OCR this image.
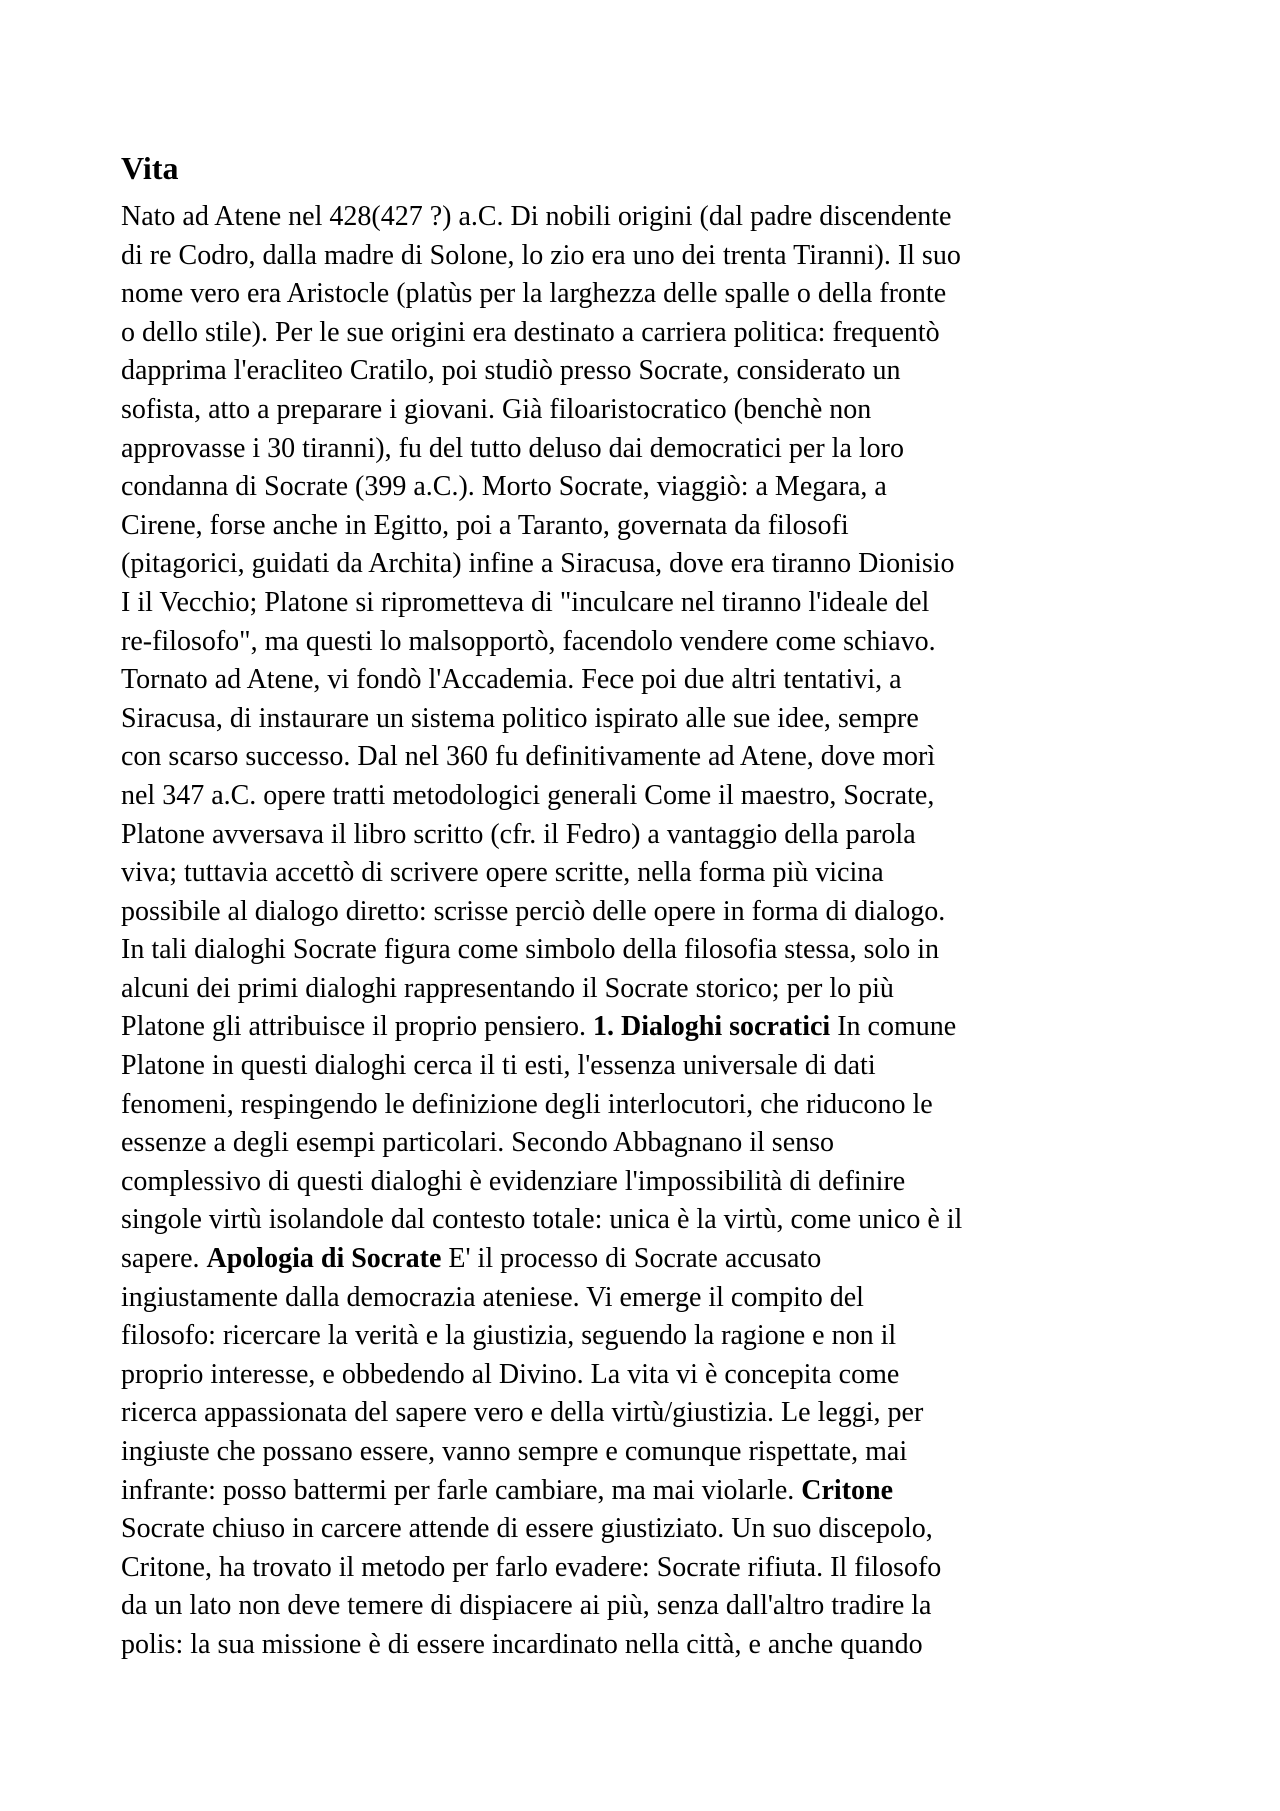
Vita
Nato ad Atene nel 428(427 ?) a.C. Di nobili origini (dal padre discendente
di re Codro, dalla madre di Solone, lo zio era uno dei trenta Tiranni). Il suo
nome vero era Aristocle (platùs per la larghezza delle spalle o della fronte
o dello stile). Per le sue origini era destinato a carriera politica: frequentò
dapprima l'eracliteo Cratilo, poi studiò presso Socrate, considerato un
sofista, atto a preparare i giovani. Già filoaristocratico (benchè non
approvasse i 30 tiranni), fu del tutto deluso dai democratici per la loro
condanna di Socrate (399 a.C.). Morto Socrate, viaggiò: a Megara, a
Cirene, forse anche in Egitto, poi a Taranto, governata da filosofi
(pitagorici, guidati da Archita) infine a Siracusa, dove era tiranno Dionisio
I il Vecchio; Platone si riprometteva di "inculcare nel tiranno l'ideale del
re-filosofo", ma questi lo malsopportò, facendolo vendere come schiavo.
Tornato ad Atene, vi fondò l'Accademia. Fece poi due altri tentativi, a
Siracusa, di instaurare un sistema politico ispirato alle sue idee, sempre
con scarso successo. Dal nel 360 fu definitivamente ad Atene, dove morì
nel 347 a.C. opere tratti metodologici generali Come il maestro, Socrate,
Platone avversava il libro scritto (cfr. il Fedro) a vantaggio della parola
viva; tuttavia accettò di scrivere opere scritte, nella forma più vicina
possibile al dialogo diretto: scrisse perciò delle opere in forma di dialogo.
In tali dialoghi Socrate figura come simbolo della filosofia stessa, solo in
alcuni dei primi dialoghi rappresentando il Socrate storico; per lo più
Platone gli attribuisce il proprio pensiero. 1. Dialoghi socratici In comune
Platone in questi dialoghi cerca il ti esti, l'essenza universale di dati
fenomeni, respingendo le definizione degli interlocutori, che riducono le
essenze a degli esempi particolari. Secondo Abbagnano il senso
complessivo di questi dialoghi è evidenziare l'impossibilità di definire
singole virtù isolandole dal contesto totale: unica è la virtù, come unico è il
sapere. Apologia di Socrate E' il processo di Socrate accusato
ingiustamente dalla democrazia ateniese. Vi emerge il compito del
filosofo: ricercare la verità e la giustizia, seguendo la ragione e non il
proprio interesse, e obbedendo al Divino. La vita vi è concepita come
ricerca appassionata del sapere vero e della virtù/giustizia. Le leggi, per
ingiuste che possano essere, vanno sempre e comunque rispettate, mai
infrante: posso battermi per farle cambiare, ma mai violarle. Critone
Socrate chiuso in carcere attende di essere giustiziato. Un suo discepolo,
Critone, ha trovato il metodo per farlo evadere: Socrate rifiuta. Il filosofo
da un lato non deve temere di dispiacere ai più, senza dall'altro tradire la
polis: la sua missione è di essere incardinato nella città, e anche quando
